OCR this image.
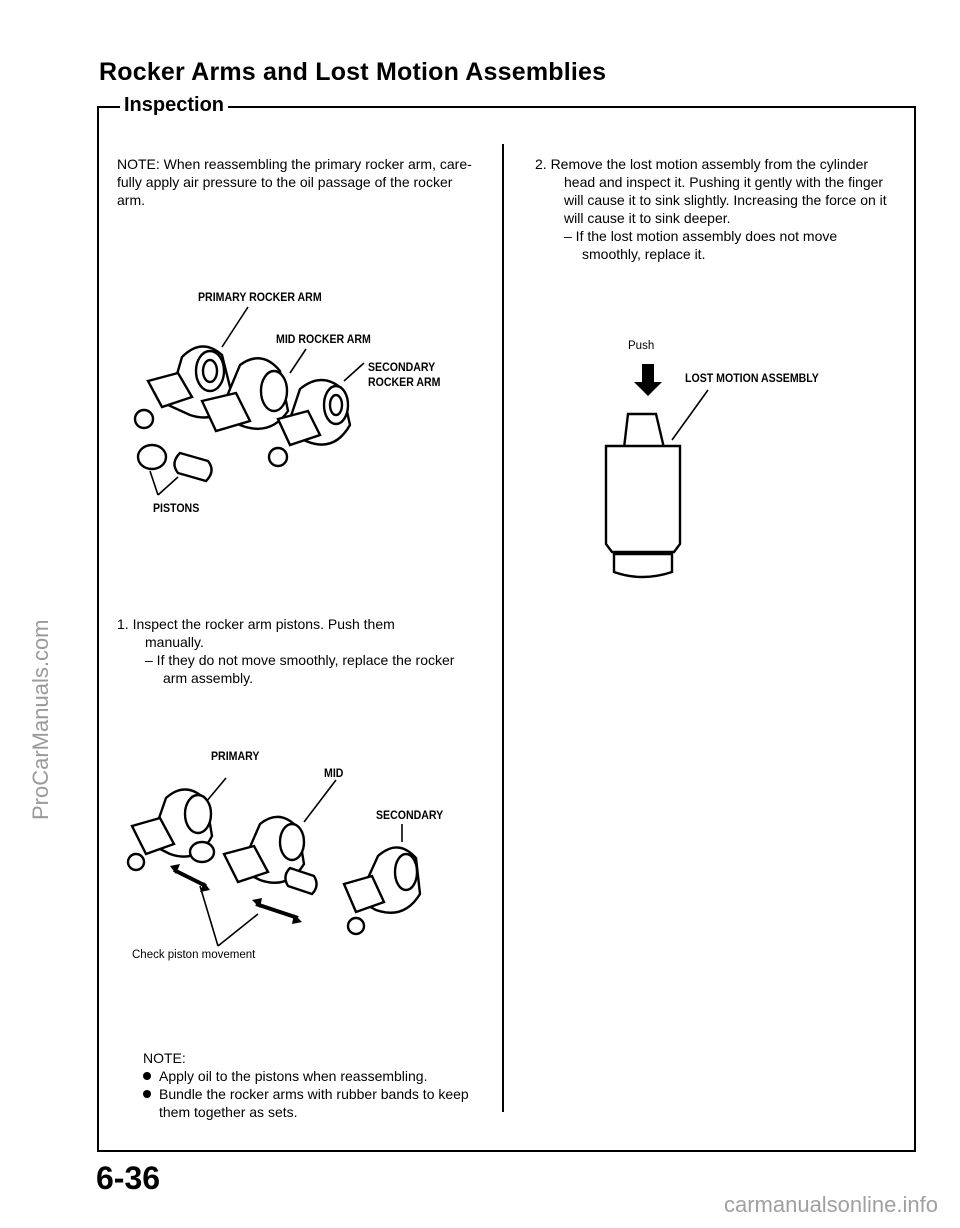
Rocker Arms and Lost Motion Assemblies
Inspection
NOTE: When reassembling the primary rocker arm, care-fully apply air pressure to the oil passage of the rocker arm.
PRIMARY ROCKER ARM
MID ROCKER ARM
SECONDARY
ROCKER ARM
PISTONS
1. Inspect the rocker arm pistons. Push them
manually.
– If they do not move smoothly, replace the rocker arm assembly.
PRIMARY
MID
SECONDARY
Check piston movement
NOTE:
Apply oil to the pistons when reassembling.
Bundle the rocker arms with rubber bands to keep them together as sets.
2. Remove the lost motion assembly from the cylinder
head and inspect it. Pushing it gently with the finger will cause it to sink slightly. Increasing the force on it will cause it to sink deeper.
– If the lost motion assembly does not move smoothly, replace it.
Push
LOST MOTION ASSEMBLY
6-36
ProCarManuals.com
carmanualsonline.info
